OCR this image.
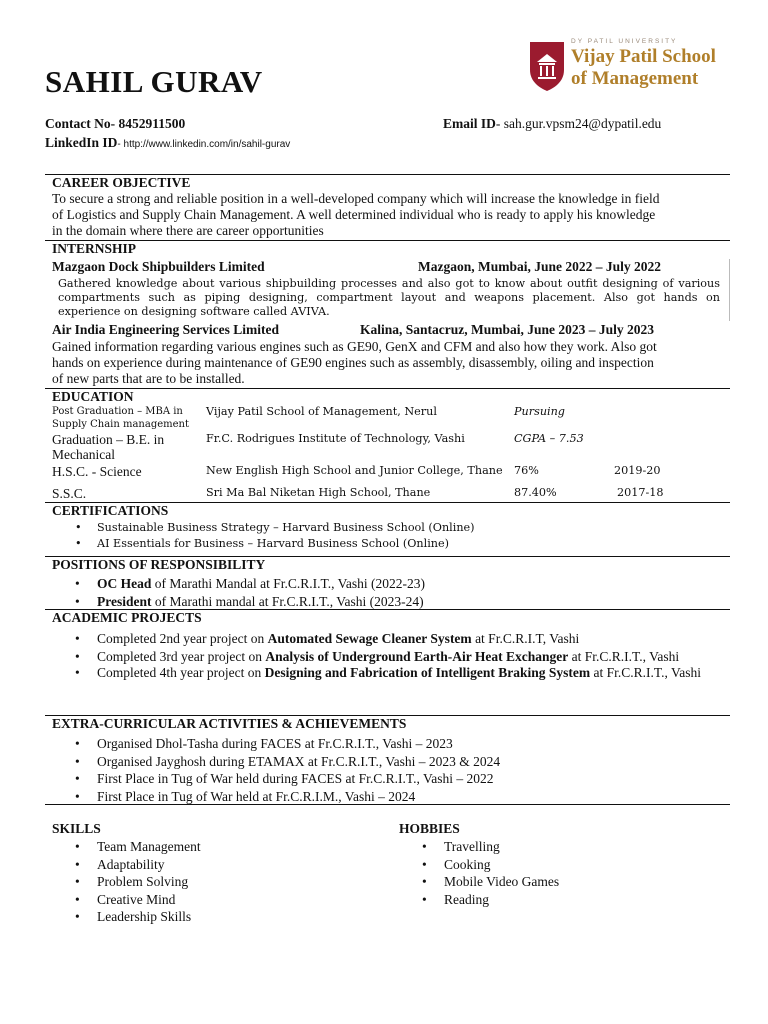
SAHIL GURAV
DY PATIL UNIVERSITY
Vijay Patil School
of Management
Contact No- 8452911500	Email ID- sah.gur.vpsm24@dypatil.edu
LinkedIn ID- http://www.linkedin.com/in/sahil-gurav
CAREER OBJECTIVE
To secure a strong and reliable position in a well-developed company which will increase the knowledge in field
of Logistics and Supply Chain Management. A well determined individual who is ready to apply his knowledge
in the domain where there are career opportunities
INTERNSHIP
Mazgaon Dock Shipbuilders Limited	Mazgaon, Mumbai, June 2022 – July 2022
Gathered knowledge about various shipbuilding processes and also got to know about outfit designing of various compartments such as piping designing, compartment layout and weapons placement. Also got hands on experience on designing software called AVIVA.
Air India Engineering Services Limited	Kalina, Santacruz, Mumbai, June 2023 – July 2023
Gained information regarding various engines such as GE90, GenX and CFM and also how they work. Also got
hands on experience during maintenance of GE90 engines such as assembly, disassembly, oiling and inspection
of new parts that are to be installed.
EDUCATION
Post Graduation – MBA in
Supply Chain management
Vijay Patil School of Management, Nerul	Pursuing
Graduation – B.E. in
Mechanical
Fr.C. Rodrigues Institute of Technology, Vashi	CGPA – 7.53
H.S.C. - Science	New English High School and Junior College, Thane 76%	2019-20
S.S.C.	Sri Ma Bal Niketan High School, Thane	87.40%	2017-18
CERTIFICATIONS
• Sustainable Business Strategy – Harvard Business School (Online)
• AI Essentials for Business – Harvard Business School (Online)
POSITIONS OF RESPONSIBILITY
• OC Head of Marathi Mandal at Fr.C.R.I.T., Vashi (2022-23)
• President of Marathi mandal at Fr.C.R.I.T., Vashi (2023-24)
ACADEMIC PROJECTS
• Completed 2nd year project on Automated Sewage Cleaner System at Fr.C.R.I.T, Vashi
• Completed 3rd year project on Analysis of Underground Earth-Air Heat Exchanger at Fr.C.R.I.T., Vashi
• Completed 4th year project on Designing and Fabrication of Intelligent Braking System at Fr.C.R.I.T., Vashi
EXTRA-CURRICULAR ACTIVITIES & ACHIEVEMENTS
• Organised Dhol-Tasha during FACES at Fr.C.R.I.T., Vashi – 2023
• Organised Jayghosh during ETAMAX at Fr.C.R.I.T., Vashi – 2023 & 2024
• First Place in Tug of War held during FACES at Fr.C.R.I.T., Vashi – 2022
• First Place in Tug of War held at Fr.C.R.I.M., Vashi – 2024
SKILLS
• Team Management
• Adaptability
• Problem Solving
• Creative Mind
• Leadership Skills
HOBBIES
• Travelling
• Cooking
• Mobile Video Games
• Reading
